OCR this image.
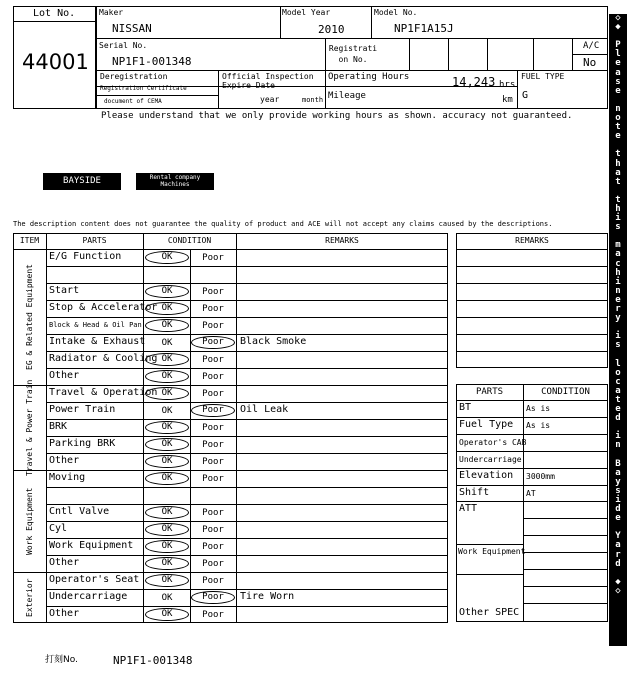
Lot No.
44001
Maker
NISSAN
Model Year
2010
Model No.
NP1F1A15J
Serial No.
NP1F1-001348
Registrati on No.
A/C
No
Deregistration
Registration Certificate
document of CEMA
Official Inspection
Expire Date
year	month
Operating Hours	14,243 hrs
Mileage	km
FUEL TYPE
G
Please understand that we only provide working hours as shown. accuracy not guaranteed.
BAYSIDE	Rental company
Machines
The description content does not guarantee the quality of product and ACE will not accept any claims caused by the descriptions.
ITEM	PARTS	CONDITION	REMARKS
EG & Related Equipment
Travel & Power Train
Work Equipment
Exterior
E/G Function	OK	Poor
Start	OK	Poor
Stop & Accelerator OK	Poor
Block & Head & Oil Pan	OK	Poor
Intake & Exhaust	OK	Poor	Black Smoke
Radiator & Cooling OK	Poor
Other	OK	Poor
Travel & Operation OK	Poor
Power Train	OK	Poor	Oil Leak
BRK	OK	Poor
Parking BRK	OK	Poor
Other	OK	Poor
Moving	OK	Poor
Cntl Valve	OK	Poor
Cyl	OK	Poor
Work Equipment	OK	Poor
Other	OK	Poor
Operator's Seat	OK	Poor
Undercarriage	OK	Poor	Tire Worn
Other	OK	Poor
REMARKS
PARTS	CONDITION
BT	As is
Fuel Type As is
Operator's CAB
Undercarriage
Elevation 3000mm
Shift	AT
ATT
Work Equipment
Other SPEC
打刻No.	NP1F1-001348
◇
◆

P
l
e
a
s
e

n
o
t
e

t
h
a
t

t
h
i
s

m
a
c
h
i
n
e
r
y

i
s

l
o
c
a
t
e
d

i
n

B
a
y
s
i
d
e

Y
a
r
d

◆
◇
